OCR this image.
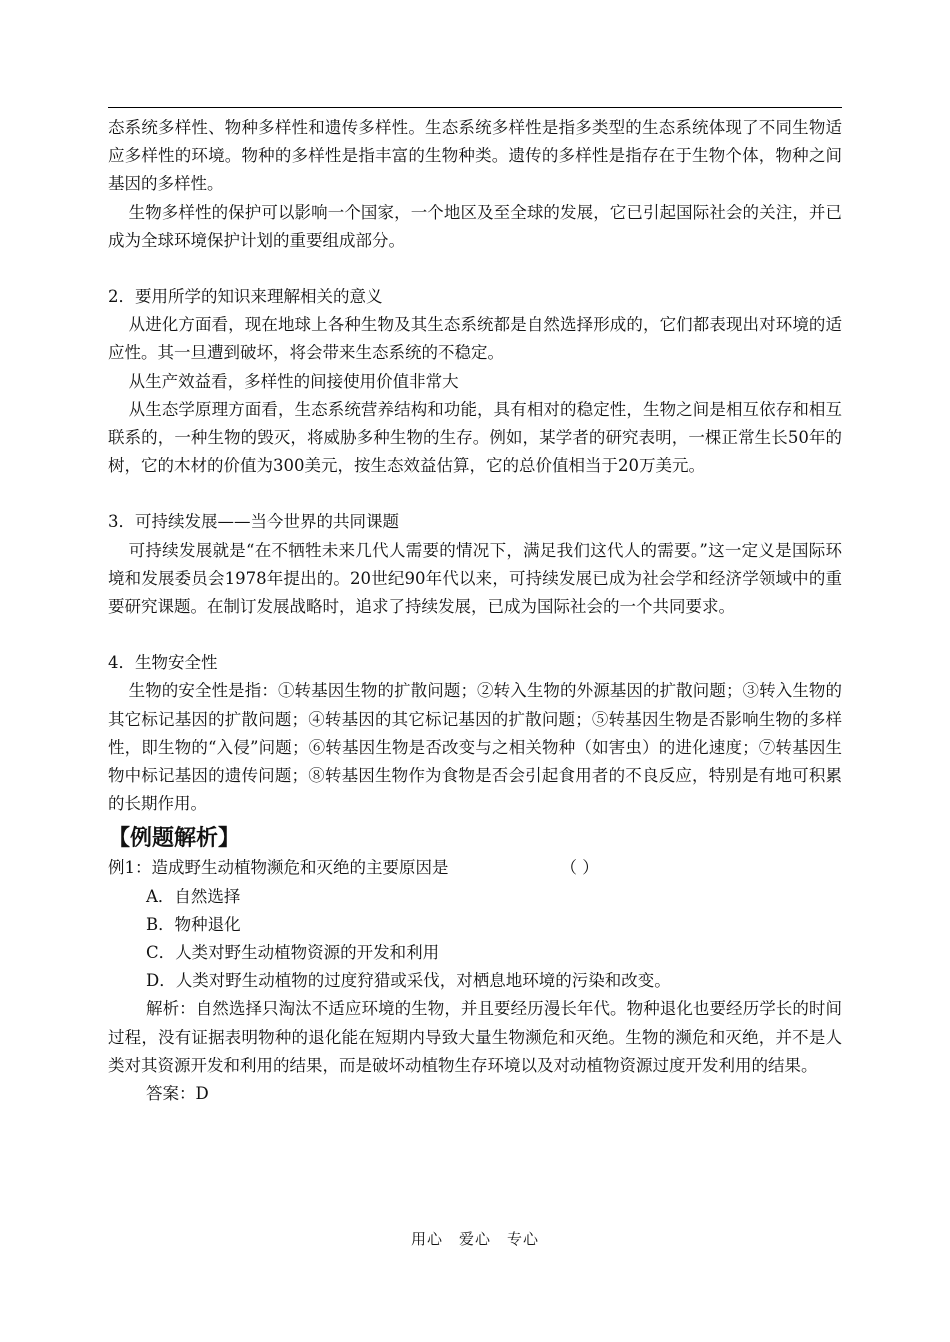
态系统多样性、物种多样性和遗传多样性。生态系统多样性是指多类型的生态系统体现了不同生物适应多样性的环境。物种的多样性是指丰富的生物种类。遗传的多样性是指存在于生物个体，物种之间基因的多样性。

生物多样性的保护可以影响一个国家，一个地区及至全球的发展，它已引起国际社会的关注，并已成为全球环境保护计划的重要组成部分。

2．要用所学的知识来理解相关的意义

从进化方面看，现在地球上各种生物及其生态系统都是自然选择形成的，它们都表现出对环境的适应性。其一旦遭到破坏，将会带来生态系统的不稳定。

从生产效益看，多样性的间接使用价值非常大

从生态学原理方面看，生态系统营养结构和功能，具有相对的稳定性，生物之间是相互依存和相互联系的，一种生物的毁灭，将威胁多种生物的生存。例如，某学者的研究表明，一棵正常生长50年的树，它的木材的价值为300美元，按生态效益估算，它的总价值相当于20万美元。

3．可持续发展——当今世界的共同课题

可持续发展就是“在不牺牲未来几代人需要的情况下，满足我们这代人的需要。”这一定义是国际环境和发展委员会1978年提出的。20世纪90年代以来，可持续发展已成为社会学和经济学领域中的重要研究课题。在制订发展战略时，追求了持续发展，已成为国际社会的一个共同要求。

4．生物安全性

生物的安全性是指：①转基因生物的扩散问题；②转入生物的外源基因的扩散问题；③转入生物的其它标记基因的扩散问题；④转基因的其它标记基因的扩散问题；⑤转基因生物是否影响生物的多样性，即生物的“入侵”问题；⑥转基因生物是否改变与之相关物种（如害虫）的进化速度；⑦转基因生物中标记基因的遗传问题；⑧转基因生物作为食物是否会引起食用者的不良反应，特别是有地可积累的长期作用。

【例题解析】

例1：造成野生动植物濒危和灭绝的主要原因是	（ ）

A．自然选择

B．物种退化

C．人类对野生动植物资源的开发和利用

D．人类对野生动植物的过度狩猎或采伐，对栖息地环境的污染和改变。

解析：自然选择只淘汰不适应环境的生物，并且要经历漫长年代。物种退化也要经历学长的时间过程，没有证据表明物种的退化能在短期内导致大量生物濒危和灭绝。生物的濒危和灭绝，并不是人类对其资源开发和利用的结果，而是破坏动植物生存环境以及对动植物资源过度开发利用的结果。

答案：D

用心　爱心　专心
